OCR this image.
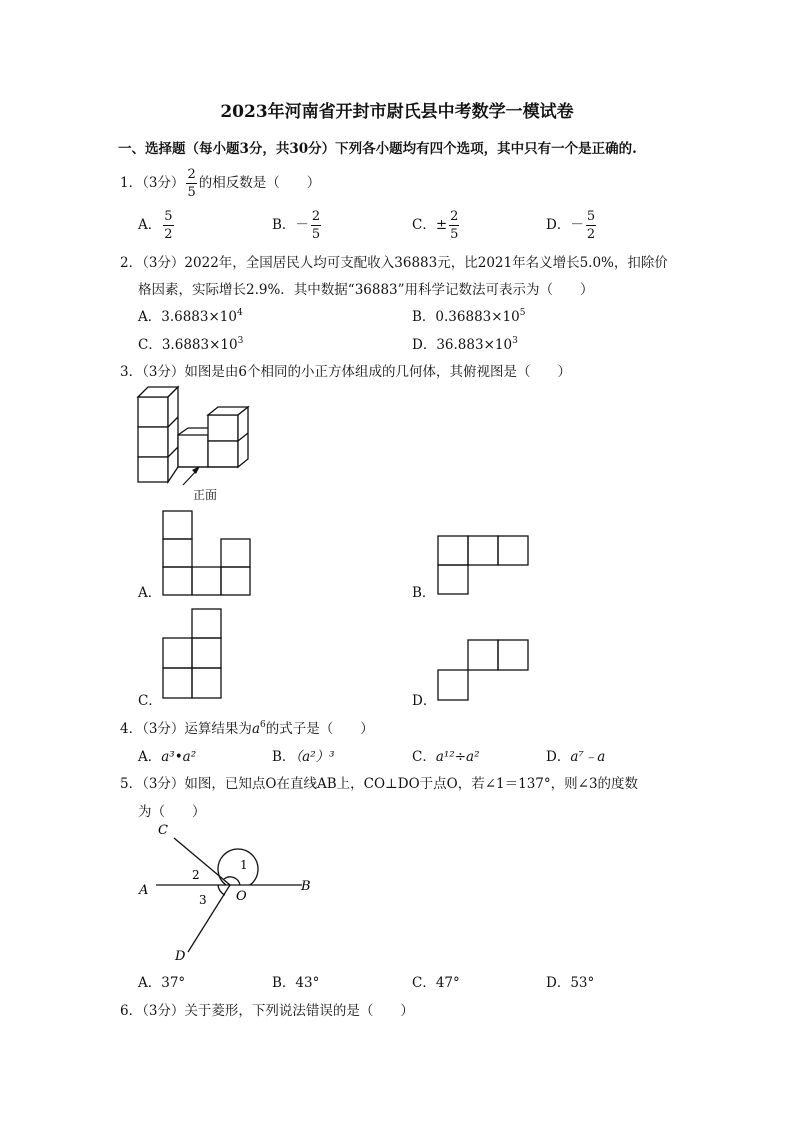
2023年河南省开封市尉氏县中考数学一模试卷
一、选择题（每小题3分，共30分）下列各小题均有四个选项，其中只有一个是正确的.
1．（3分） $\frac{2}{5}$ 的相反数是（　　）
A． $\frac{5}{2}$	B．－ $\frac{2}{5}$	C．± $\frac{2}{5}$	D．－ $\frac{5}{2}$
2．（3分）2022年，全国居民人均可支配收入36883元，比2021年名义增长5.0%，扣除价
格因素，实际增长2.9%．其中数据“36883”用科学记数法可表示为（　　）
A．$3.6883\times 10^4$	B．$0.36883\times 10^5$
C．$3.6883\times 10^3$	D．$36.883\times 10^3$
3．（3分）如图是由6个相同的小正方体组成的几何体，其俯视图是（　　）
正面
A．	B．
C．	D．
4．（3分）运算结果为$a^6$的式子是（　　）
A．a³•a²	B．（a²）³	C．a¹²÷a²	D．a⁷﹣a
5．（3分）如图，已知点O在直线AB上，CO⊥DO于点O，若∠1＝137°，则∠3的度数
为（　　）
C
A	B
D
O
1
2
3
A．37°	B．43°	C．47°	D．53°
6．（3分）关于菱形，下列说法错误的是（　　）
